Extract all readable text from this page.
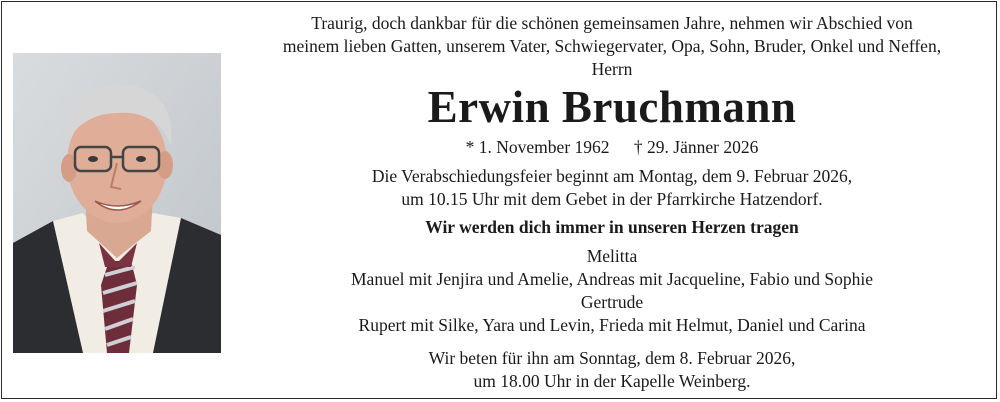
Traurig, doch dankbar für die schönen gemeinsamen Jahre, nehmen wir Abschied von
meinem lieben Gatten, unserem Vater, Schwiegervater, Opa, Sohn, Bruder, Onkel und Neffen,
Herrn
Erwin Bruchmann
* 1. November 1962 † 29. Jänner 2026
Die Verabschiedungsfeier beginnt am Montag, dem 9. Februar 2026,
um 10.15 Uhr mit dem Gebet in der Pfarrkirche Hatzendorf.
Wir werden dich immer in unseren Herzen tragen
Melitta
Manuel mit Jenjira und Amelie, Andreas mit Jacqueline, Fabio und Sophie
Gertrude
Rupert mit Silke, Yara und Levin, Frieda mit Helmut, Daniel und Carina
Wir beten für ihn am Sonntag, dem 8. Februar 2026,
um 18.00 Uhr in der Kapelle Weinberg.
